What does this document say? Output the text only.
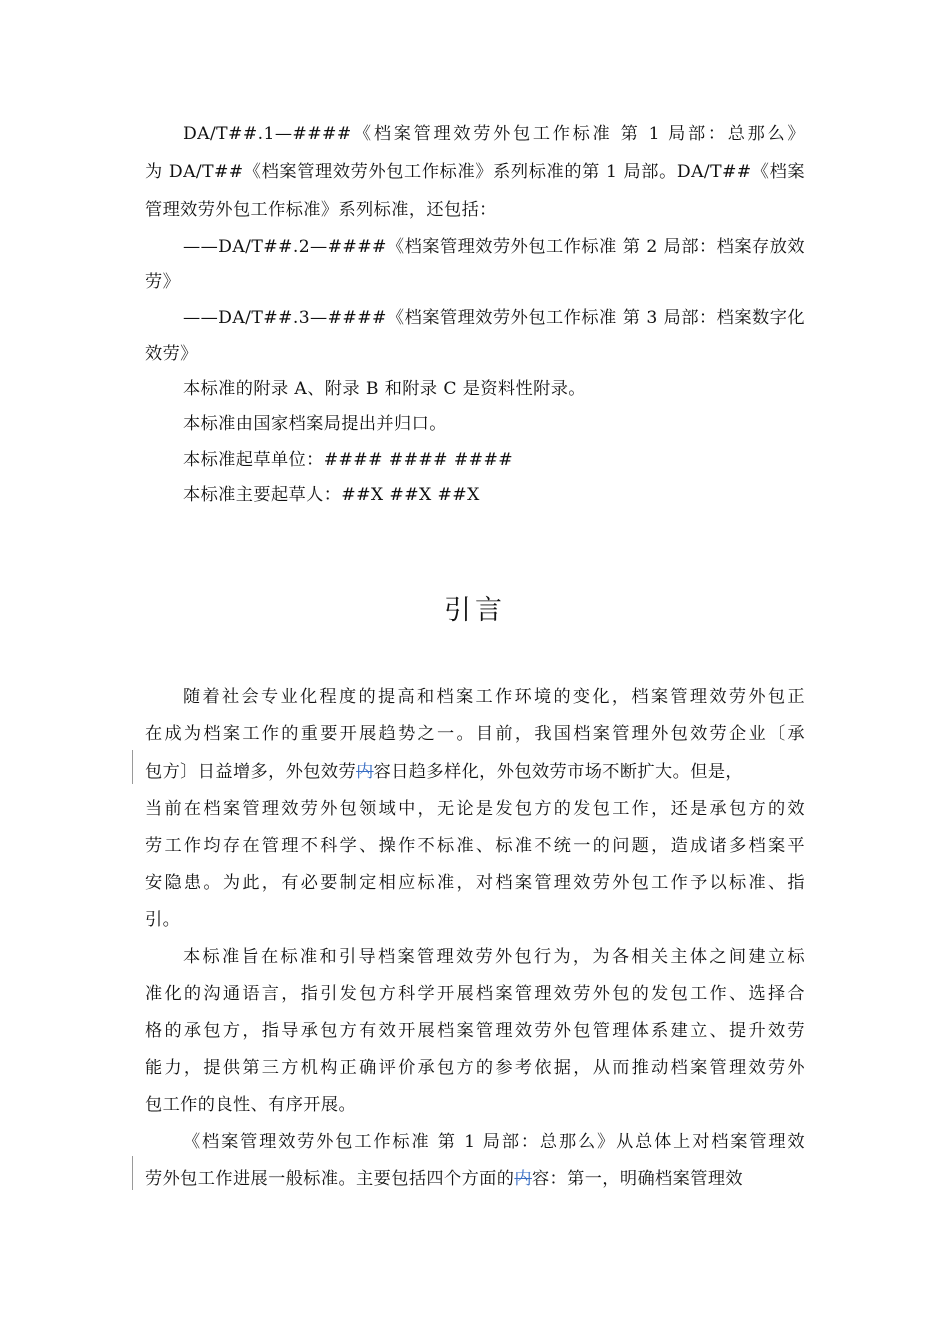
DA/T##.1—####《档案管理效劳外包工作标准 第 1 局部：总那么》
为 DA/T##《档案管理效劳外包工作标准》系列标准的第 1 局部。DA/T##《档案
管理效劳外包工作标准》系列标准，还包括：
——DA/T##.2—####《档案管理效劳外包工作标准 第 2 局部：档案存放效
劳》
——DA/T##.3—####《档案管理效劳外包工作标准 第 3 局部：档案数字化
效劳》
本标准的附录 A、附录 B 和附录 C 是资料性附录。
本标准由国家档案局提出并归口。
本标准起草单位：#### #### ####
本标准主要起草人：##X ##X ##X
引言
随着社会专业化程度的提高和档案工作环境的变化，档案管理效劳外包正
在成为档案工作的重要开展趋势之一。目前，我国档案管理外包效劳企业〔承
包方〕日益增多，外包效劳内容日趋多样化，外包效劳市场不断扩大。但是，
当前在档案管理效劳外包领域中，无论是发包方的发包工作，还是承包方的效
劳工作均存在管理不科学、操作不标准、标准不统一的问题，造成诸多档案平
安隐患。为此，有必要制定相应标准，对档案管理效劳外包工作予以标准、指
引。
本标准旨在标准和引导档案管理效劳外包行为，为各相关主体之间建立标
准化的沟通语言，指引发包方科学开展档案管理效劳外包的发包工作、选择合
格的承包方，指导承包方有效开展档案管理效劳外包管理体系建立、提升效劳
能力，提供第三方机构正确评价承包方的参考依据，从而推动档案管理效劳外
包工作的良性、有序开展。
《档案管理效劳外包工作标准 第 1 局部：总那么》从总体上对档案管理效
劳外包工作进展一般标准。主要包括四个方面的内容：第一，明确档案管理效
